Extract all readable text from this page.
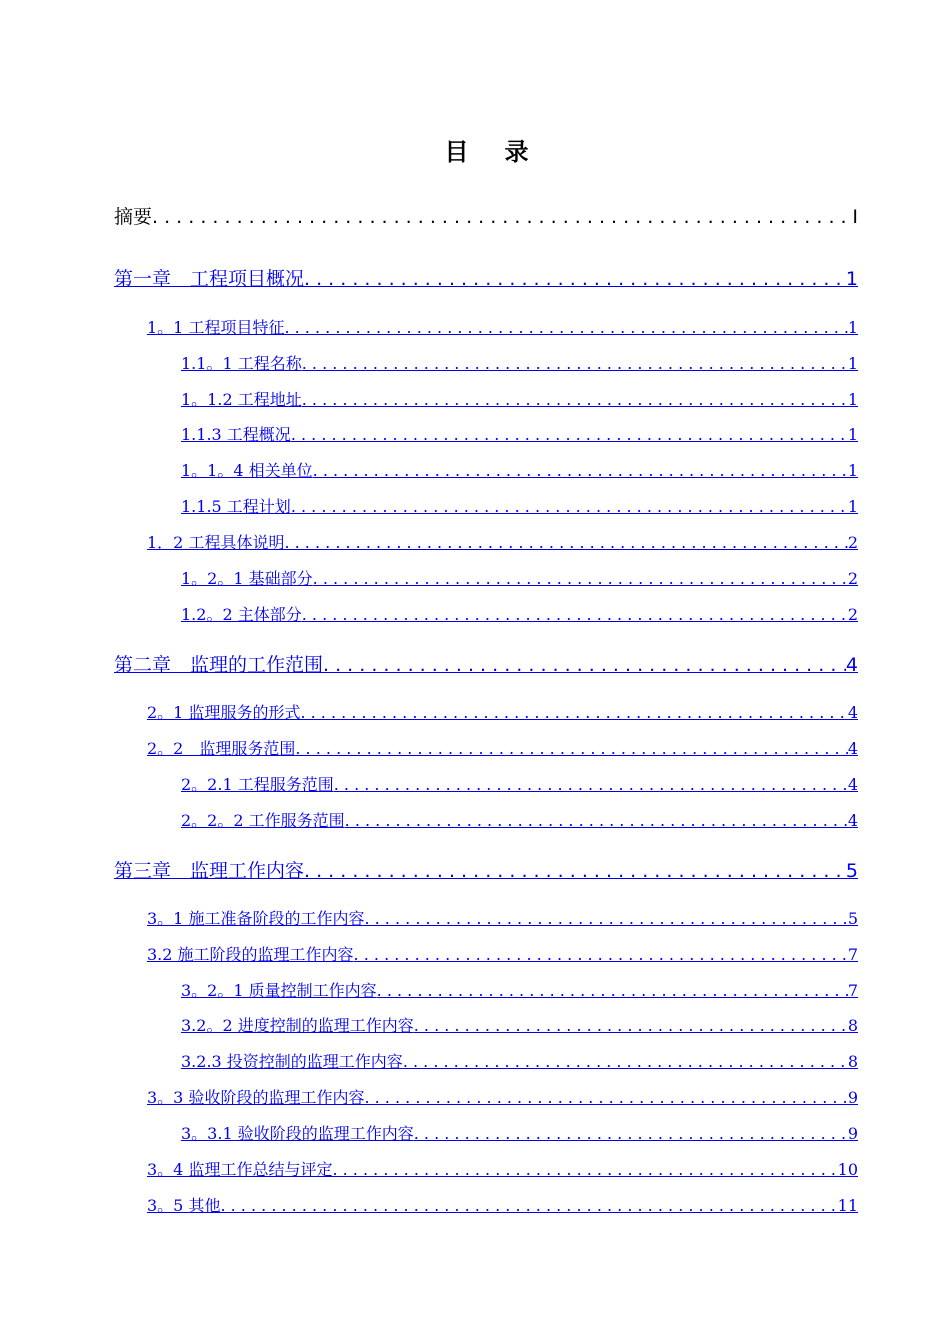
目 录
摘要 . . .	I
第一章　工程项目概况 . . .	1
1。1 工程项目特征 . . .	1
1.1。1 工程名称 . . .	1
1。1.2 工程地址 . . .	1
1.1.3 工程概况 . . .	1
1。1。4 相关单位 . . .	1
1.1.5 工程计划 . . .	1
1．2 工程具体说明 . . .	2
1。2。1 基础部分 . . .	2
1.2。2 主体部分 . . .	2
第二章　监理的工作范围 . . .	4
2。1 监理服务的形式 . . .	4
2。2　监理服务范围 . . .	4
2。2.1 工程服务范围 . . .	4
2。2。2 工作服务范围 . . .	4
第三章　监理工作内容 . . .	5
3。1 施工准备阶段的工作内容 . . .	5
3.2 施工阶段的监理工作内容 . . .	7
3。2。1 质量控制工作内容 . . .	7
3.2。2 进度控制的监理工作内容 . . .	8
3.2.3 投资控制的监理工作内容 . . .	8
3。3 验收阶段的监理工作内容 . . .	9
3。3.1 验收阶段的监理工作内容 . . .	9
3。4 监理工作总结与评定 . . .	10
3。5 其他 . . .	11
